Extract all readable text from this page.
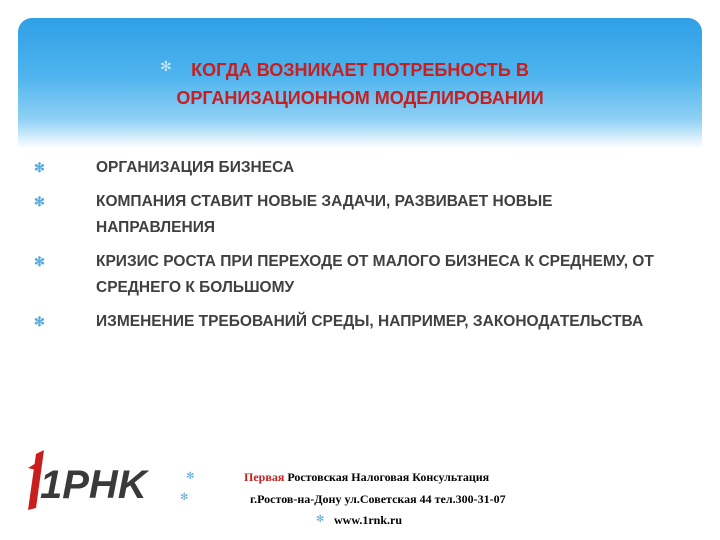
✻	КОГДА ВОЗНИКАЕТ ПОТРЕБНОСТЬ В
ОРГАНИЗАЦИОННОМ МОДЕЛИРОВАНИИ
✻	ОРГАНИЗАЦИЯ БИЗНЕСА
✻	КОМПАНИЯ СТАВИТ НОВЫЕ ЗАДАЧИ, РАЗВИВАЕТ НОВЫЕ НАПРАВЛЕНИЯ
✻	КРИЗИС РОСТА ПРИ ПЕРЕХОДЕ ОТ МАЛОГО БИЗНЕСА К СРЕДНЕМУ, ОТ СРЕДНЕГО К БОЛЬШОМУ
✻	ИЗМЕНЕНИЕ ТРЕБОВАНИЙ СРЕДЫ, НАПРИМЕР, ЗАКОНОДАТЕЛЬСТВА
1PHK	✻
✻
✻
Первая Ростовская Налоговая Консультация
г.Ростов-на-Дону ул.Советская 44 тел.300-31-07
www.1rnk.ru
